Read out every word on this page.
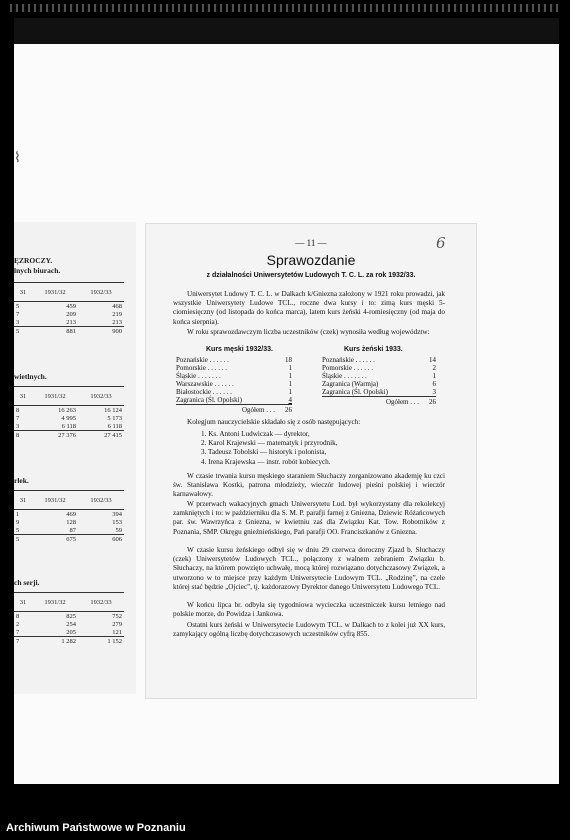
⌇
ĘZROCZY.
lnych biurach.
31	1931/32	1932/33
5	459	468
7	209	219
3	213	213
5	881	900
wietlnych.
31	1931/32	1932/33
8	16 263	16 124
7	4 995	5 173
3	6 118	6 118
8	27 376	27 415
rlek.
31	1931/32	1932/33
1	469	394
9	128	153
5	87	59
5	675	606
ch serji.
31	1931/32	1932/33
8	825	752
2	254	279
7	205	121
7	1 282	1 152
— 11 —	6
Sprawozdanie
z działalności Uniwersytetów Ludowych T. C. L. za rok 1932/33.
Uniwersytet Ludowy T. C. L. w Dalkach k/Gniezna założony w 1921 roku prowadzi, jak wszystkie Uniwersytety Ludowe TCL., roczne dwa kursy i to: zimą kurs męski 5-ciomiesięczny (od listopada do końca marca), latem kurs żeński 4-romiesięczny (od maja do końca sierpnia).
W roku sprawozdawczym liczba uczestników (czek) wynosiła według województw:
Kurs męski 1932/33.
Poznańskie . . . . . .	18
Pomorskie . . . . . .	1
Śląskie . . . . . . .	1
Warszawskie . . . . . .	1
Białostockie . . . . . .	1
Zagranica (Śl. Opolski)	4
Ogółem . . . 26
Kurs żeński 1933.
Poznańskie . . . . . .	14
Pomorskie . . . . . .	2
Śląskie . . . . . . .	1
Zagranica (Warmja)	6
Zagranica (Śl. Opolski)	3
Ogółem . . . 26
Kolegjum nauczycielskie składało się z osób następujących:
1. Ks. Antoni Ludwiczak — dyrektor,
2. Karol Krajewski — matematyk i przyrodnik,
3. Tadeusz Tobolski — historyk i polonista,
4. Irena Krajewska — instr. robót kobiecych.
W czasie trwania kursu męskiego staraniem Słuchaczy zorganizowano akademję ku czci św. Stanisława Kostki, patrona młodzieży, wieczór ludowej pieśni polskiej i wieczór karnawałowy.
W przerwach wakacyjnych gmach Uniwersytetu Lud. był wykorzystany dla rekolekcyj zamkniętych i to: w październiku dla S. M. P. parafji farnej z Gniezna, Dziewic Różańcowych par. św. Wawrzyńca z Gniezna, w kwietniu zaś dla Związku Kat. Tow. Robotników z Poznania, SMP. Okręgu gnieźnieńskiego, Pań parafji OO. Franciszkanów z Gniezna.
W czasie kursu żeńskiego odbył się w dniu 29 czerwca doroczny Zjazd b. Słuchaczy (czek) Uniwersytetów Ludowych TCL., połączony z walnem zebraniem Związku b. Słuchaczy, na którem powzięto uchwałę, mocą której rozwiązano dotychczasowy Związek, a utworzono w to miejsce przy każdym Uniwersytecie Ludowym TCL. „Rodzinę”, na czele której stać będzie „Ojciec”, tj. każdorazowy Dyrektor danego Uniwersytetu Ludowego TCL.
W końcu lipca br. odbyła się tygodniowa wycieczka uczestniczek kursu letniego nad polskie morze, do Powidza i Jankowa.
Ostatni kurs żeński w Uniwersytecie Ludowym TCL. w Dalkach to z kolei już XX kurs, zamykający ogólną liczbę dotychczasowych uczestników cyfrą 855.
Archiwum Państwowe w Poznaniu
